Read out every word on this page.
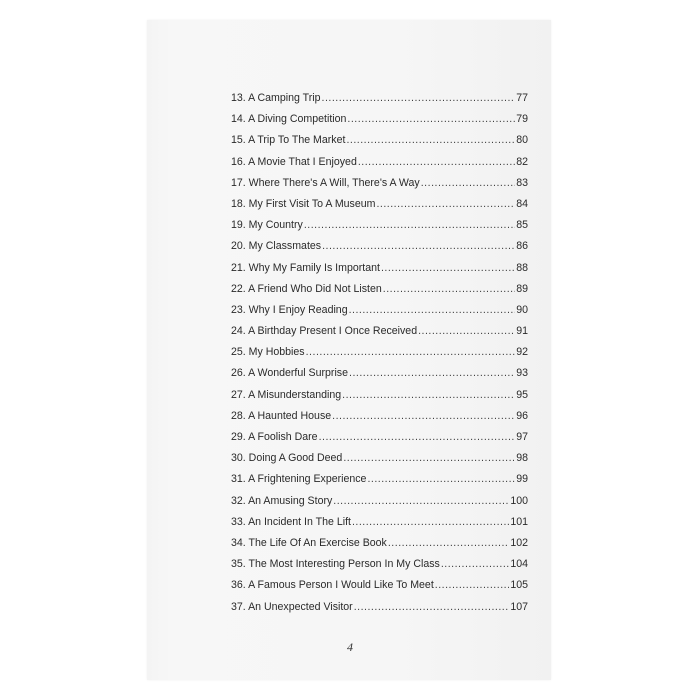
13. A Camping Trip .....	77
14. A Diving Competition .....	79
15. A Trip To The Market .....	80
16. A Movie That I Enjoyed .....	82
17. Where There's A Will, There's A Way .....	83
18. My First Visit To A Museum .....	84
19. My Country .....	85
20. My Classmates .....	86
21. Why My Family Is Important .....	88
22. A Friend Who Did Not Listen .....	89
23. Why I Enjoy Reading .....	90
24. A Birthday Present I Once Received .....	91
25. My Hobbies .....	92
26. A Wonderful Surprise .....	93
27. A Misunderstanding .....	95
28. A Haunted House .....	96
29. A Foolish Dare .....	97
30. Doing A Good Deed .....	98
31. A Frightening Experience .....	99
32. An Amusing Story .....	100
33. An Incident In The Lift .....	101
34. The Life Of An Exercise Book .....	102
35. The Most Interesting Person In My Class .....	104
36. A Famous Person I Would Like To Meet .....	105
37. An Unexpected Visitor .....	107
4
